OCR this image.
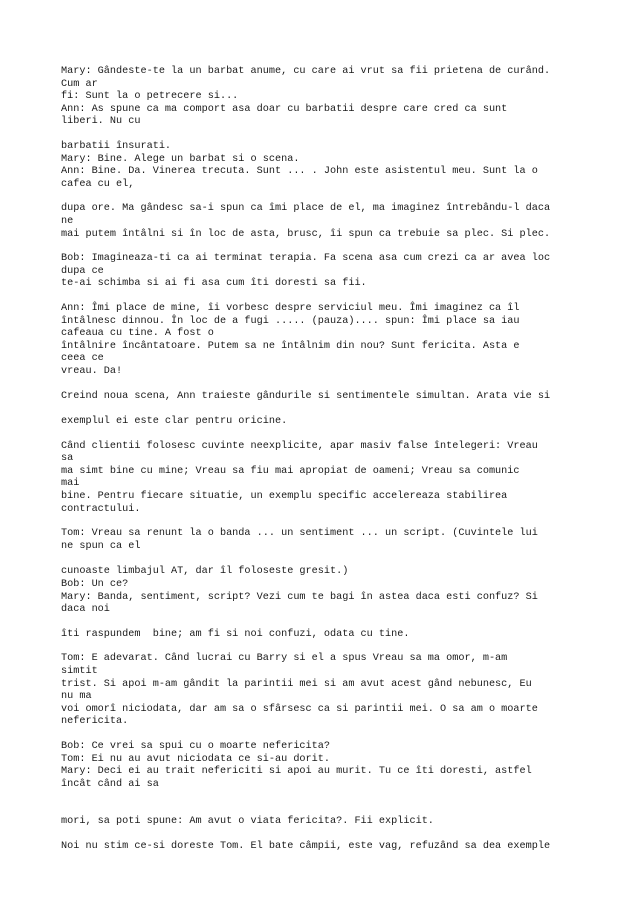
Mary: Gândeste-te la un barbat anume, cu care ai vrut sa fii prietena de curând.
Cum ar
fi: Sunt la o petrecere si...
Ann: As spune ca ma comport asa doar cu barbatii despre care cred ca sunt
liberi. Nu cu
barbatii însurati.
Mary: Bine. Alege un barbat si o scena.
Ann: Bine. Da. Vinerea trecuta. Sunt ... . John este asistentul meu. Sunt la o
cafea cu el,
dupa ore. Ma gândesc sa-i spun ca îmi place de el, ma imaginez întrebându-l daca
ne
mai putem întâlni si în loc de asta, brusc, îi spun ca trebuie sa plec. Si plec.
Bob: Imagineaza-ti ca ai terminat terapia. Fa scena asa cum crezi ca ar avea loc
dupa ce
te-ai schimba si ai fi asa cum îti doresti sa fii.
Ann: Îmi place de mine, îi vorbesc despre serviciul meu. Îmi imaginez ca îl
întâlnesc dinnou. În loc de a fugi ..... (pauza).... spun: Îmi place sa iau
cafeaua cu tine. A fost o
întâlnire încântatoare. Putem sa ne întâlnim din nou? Sunt fericita. Asta e
ceea ce
vreau. Da!
Creind noua scena, Ann traieste gândurile si sentimentele simultan. Arata vie si
exemplul ei este clar pentru oricine.
Când clientii folosesc cuvinte neexplicite, apar masiv false întelegeri: Vreau
sa
ma simt bine cu mine; Vreau sa fiu mai apropiat de oameni; Vreau sa comunic
mai
bine. Pentru fiecare situatie, un exemplu specific accelereaza stabilirea
contractului.
Tom: Vreau sa renunt la o banda ... un sentiment ... un script. (Cuvintele lui
ne spun ca el
cunoaste limbajul AT, dar îl foloseste gresit.)
Bob: Un ce?
Mary: Banda, sentiment, script? Vezi cum te bagi în astea daca esti confuz? Si
daca noi
îti raspundem  bine; am fi si noi confuzi, odata cu tine.
Tom: E adevarat. Când lucrai cu Barry si el a spus Vreau sa ma omor, m-am
simtit
trist. Si apoi m-am gândit la parintii mei si am avut acest gând nebunesc, Eu
nu ma
voi omorî niciodata, dar am sa o sfârsesc ca si parintii mei. O sa am o moarte
nefericita.
Bob: Ce vrei sa spui cu o moarte nefericita?
Tom: Ei nu au avut niciodata ce si-au dorit.
Mary: Deci ei au trait nefericiti si apoi au murit. Tu ce îti doresti, astfel
încât când ai sa
mori, sa poti spune: Am avut o viata fericita?. Fii explicit.
Noi nu stim ce-si doreste Tom. El bate câmpii, este vag, refuzând sa dea exemple
